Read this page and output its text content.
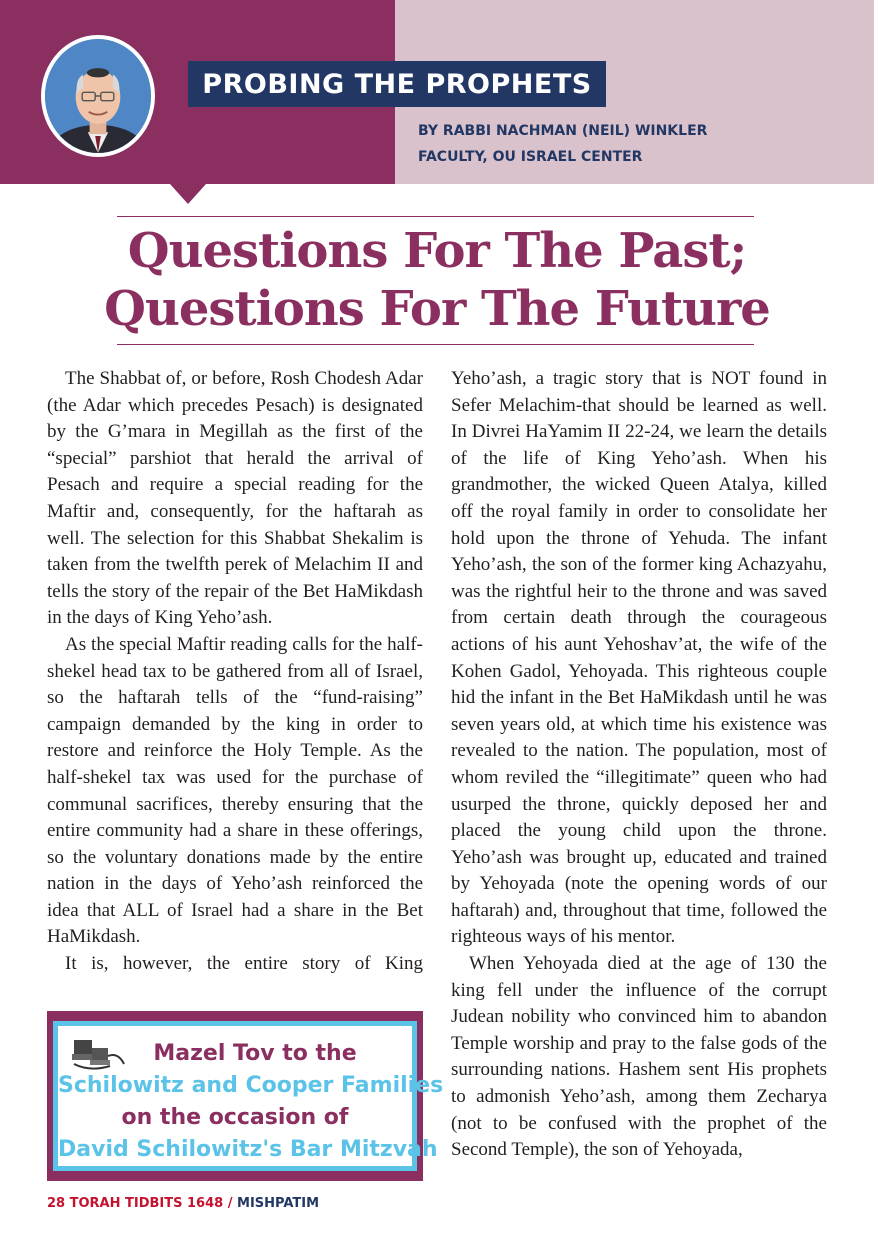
PROBING THE PROPHETS
BY RABBI NACHMAN (NEIL) WINKLER
FACULTY, OU ISRAEL CENTER
Questions For The Past;
Questions For The Future

The Shabbat of, or before, Rosh Chodesh Adar (the Adar which precedes Pesach) is designated by the G’mara in Megillah as the first of the “special” parshiot that herald the arrival of Pesach and require a special reading for the Maftir and, consequently, for the haftarah as well. The selection for this Shabbat Shekalim is taken from the twelfth perek of Melachim II and tells the story of the repair of the Bet HaMikdash in the days of King Yeho’ash.

As the special Maftir reading calls for the half-shekel head tax to be gathered from all of Israel, so the haftarah tells of the “fund-raising” campaign demanded by the king in order to restore and reinforce the Holy Temple. As the half-shekel tax was used for the purchase of communal sacrifices, thereby ensuring that the entire community had a share in these offerings, so the voluntary donations made by the entire nation in the days of Yeho’ash reinforced the idea that ALL of Israel had a share in the Bet HaMikdash.

It is, however, the entire story of King

Yeho’ash, a tragic story that is NOT found in Sefer Melachim-that should be learned as well. In Divrei HaYamim II 22-24, we learn the details of the life of King Yeho’ash. When his grandmother, the wicked Queen Atalya, killed off the royal family in order to consolidate her hold upon the throne of Yehuda. The infant Yeho’ash, the son of the former king Achazyahu, was the rightful heir to the throne and was saved from certain death through the courageous actions of his aunt Yehoshav’at, the wife of the Kohen Gadol, Yehoyada. This righteous couple hid the infant in the Bet HaMikdash until he was seven years old, at which time his existence was revealed to the nation. The population, most of whom reviled the “illegitimate” queen who had usurped the throne, quickly deposed her and placed the young child upon the throne. Yeho’ash was brought up, educated and trained by Yehoyada (note the opening words of our haftarah) and, throughout that time, followed the righteous ways of his mentor.

When Yehoyada died at the age of 130 the king fell under the influence of the corrupt Judean nobility who convinced him to abandon Temple worship and pray to the false gods of the surrounding nations. Hashem sent His prophets to admonish Yeho’ash, among them Zecharya (not to be confused with the prophet of the Second Temple), the son of Yehoyada,

Mazel Tov to the
Schilowitz and Cooper Families
on the occasion of
David Schilowitz's Bar Mitzvah
28 TORAH TIDBITS 1648 / MISHPATIM
